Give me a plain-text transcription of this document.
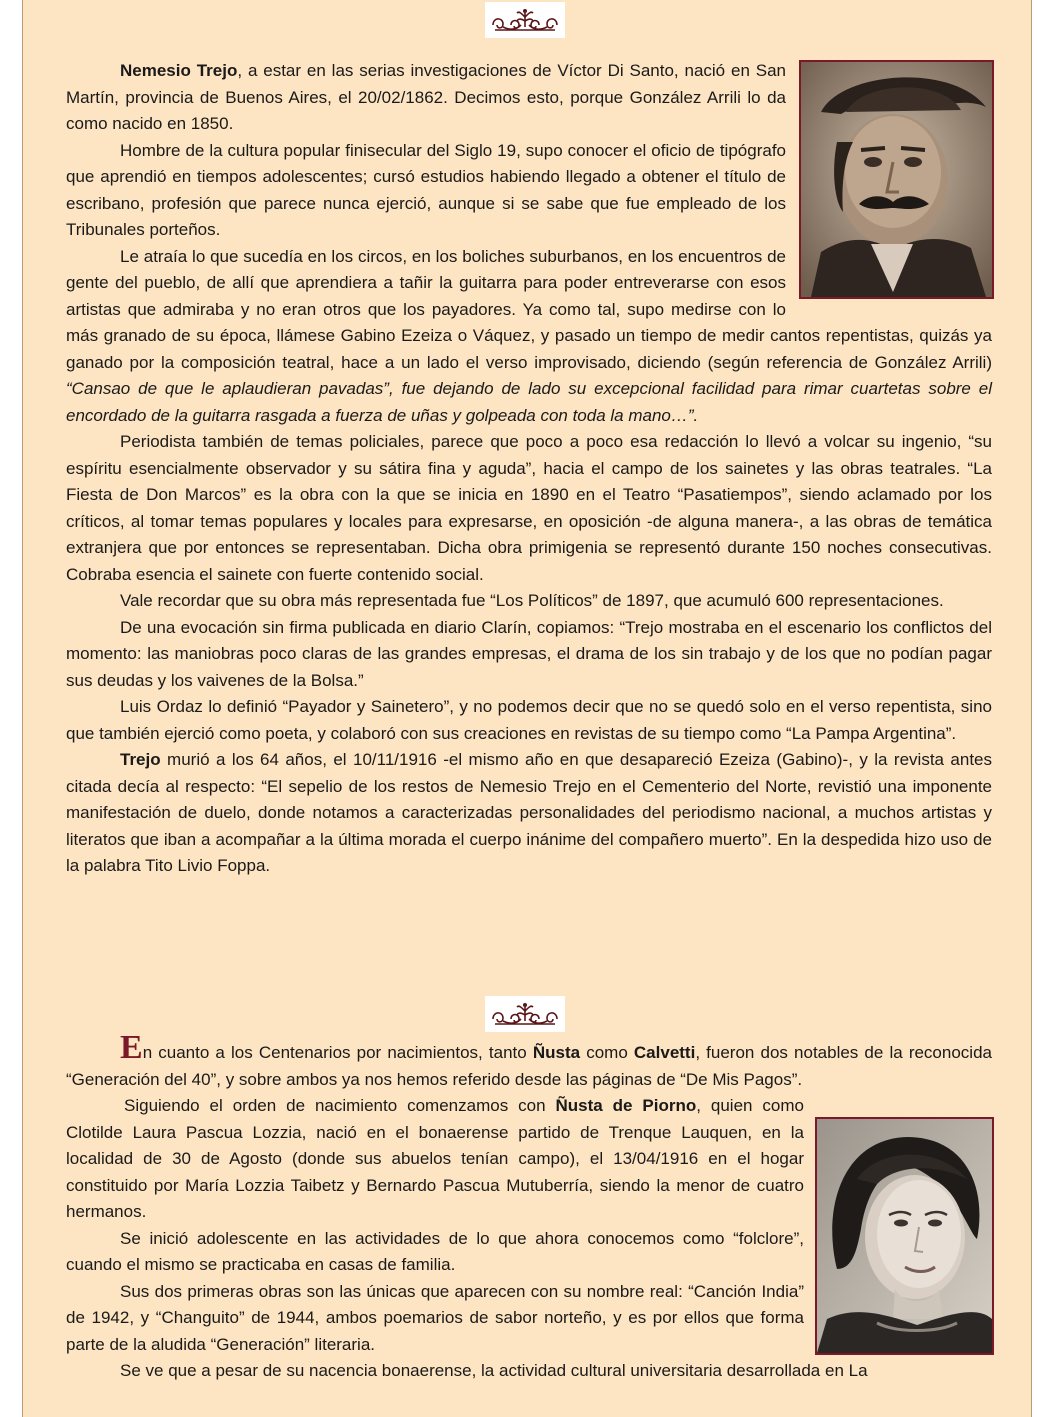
Nemesio Trejo, a estar en las serias investigaciones de Víctor Di Santo, nació en San Martín, provincia de Buenos Aires, el 20/02/1862. Decimos esto, porque González Arrili lo da como nacido en 1850.

Hombre de la cultura popular finisecular del Siglo 19, supo conocer el oficio de tipógrafo que aprendió en tiempos adolescentes; cursó estudios habiendo llegado a obtener el título de escribano, profesión que parece nunca ejerció, aunque si se sabe que fue empleado de los Tribunales porteños.

Le atraía lo que sucedía en los circos, en los boliches suburbanos, en los encuentros de gente del pueblo, de allí que aprendiera a tañir la guitarra para poder entreverarse con esos artistas que admiraba y no eran otros que los payadores. Ya como tal, supo medirse con lo más granado de su época, llámese Gabino Ezeiza o Váquez, y pasado un tiempo de medir cantos repentistas, quizás ya ganado por la composición teatral, hace a un lado el verso improvisado, diciendo (según referencia de González Arrili) “Cansao de que le aplaudieran pavadas”, fue dejando de lado su excepcional facilidad para rimar cuartetas sobre el encordado de la guitarra rasgada a fuerza de uñas y golpeada con toda la mano…”.

Periodista también de temas policiales, parece que poco a poco esa redacción lo llevó a volcar su ingenio, “su espíritu esencialmente observador y su sátira fina y aguda”, hacia el campo de los sainetes y las obras teatrales. “La Fiesta de Don Marcos” es la obra con la que se inicia en 1890 en el Teatro “Pasatiempos”, siendo aclamado por los críticos, al tomar temas populares y locales para expresarse, en oposición -de alguna manera-, a las obras de temática extranjera que por entonces se representaban. Dicha obra primigenia se representó durante 150 noches consecutivas. Cobraba esencia el sainete con fuerte contenido social.

Vale recordar que su obra más representada fue “Los Políticos” de 1897, que acumuló 600 representaciones.

De una evocación sin firma publicada en diario Clarín, copiamos: “Trejo mostraba en el escenario los conflictos del momento: las maniobras poco claras de las grandes empresas, el drama de los sin trabajo y de los que no podían pagar sus deudas y los vaivenes de la Bolsa.”

Luis Ordaz lo definió “Payador y Sainetero”, y no podemos decir que no se quedó solo en el verso repentista, sino que también ejerció como poeta, y colaboró con sus creaciones en revistas de su tiempo como “La Pampa Argentina”.

Trejo murió a los 64 años, el 10/11/1916 -el mismo año en que desapareció Ezeiza (Gabino)-, y la revista antes citada decía al respecto: “El sepelio de los restos de Nemesio Trejo en el Cementerio del Norte, revistió una imponente manifestación de duelo, donde notamos a caracterizadas personalidades del periodismo nacional, a muchos artistas y literatos que iban a acompañar a la última morada el cuerpo inánime del compañero muerto”. En la despedida hizo uso de la palabra Tito Livio Foppa.

En cuanto a los Centenarios por nacimientos, tanto Ñusta como Calvetti, fueron dos notables de la reconocida “Generación del 40”, y sobre ambos ya nos hemos referido desde las páginas de “De Mis Pagos”.

Siguiendo el orden de nacimiento comenzamos con Ñusta de Piorno, quien como Clotilde Laura Pascua Lozzia, nació en el bonaerense partido de Trenque Lauquen, en la localidad de 30 de Agosto (donde sus abuelos tenían campo), el 13/04/1916 en el hogar constituido por María Lozzia Taibetz y Bernardo Pascua Mutuberría, siendo la menor de cuatro hermanos.

Se inició adolescente en las actividades de lo que ahora conocemos como “folclore”, cuando el mismo se practicaba en casas de familia.

Sus dos primeras obras son las únicas que aparecen con su nombre real: “Canción India” de 1942, y “Changuito” de 1944, ambos poemarios de sabor norteño, y es por ellos que forma parte de la aludida “Generación” literaria.

Se ve que a pesar de su nacencia bonaerense, la actividad cultural universitaria desarrollada en La
